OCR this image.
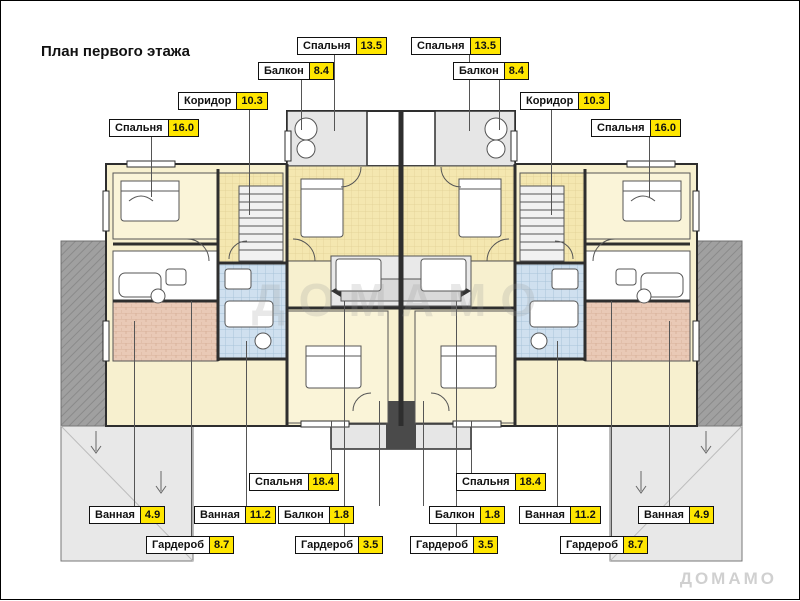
План первого этажа	Спальня 13.5	Спальня 13.5
Балкон 8.4	Балкон 8.4
Коридор 10.3	Коридор 10.3
Спальня 16.0	Спальня 16.0
Спальня 18.4	Спальня 18.4
Ванная 4.9	Ванная 11.2	Балкон 1.8	Балкон 1.8	Ванная 11.2	Ванная 4.9
Гардероб 8.7	Гардероб 3.5	Гардероб 3.5	Гардероб 8.7
ДОМАМО
ДОМАМО
